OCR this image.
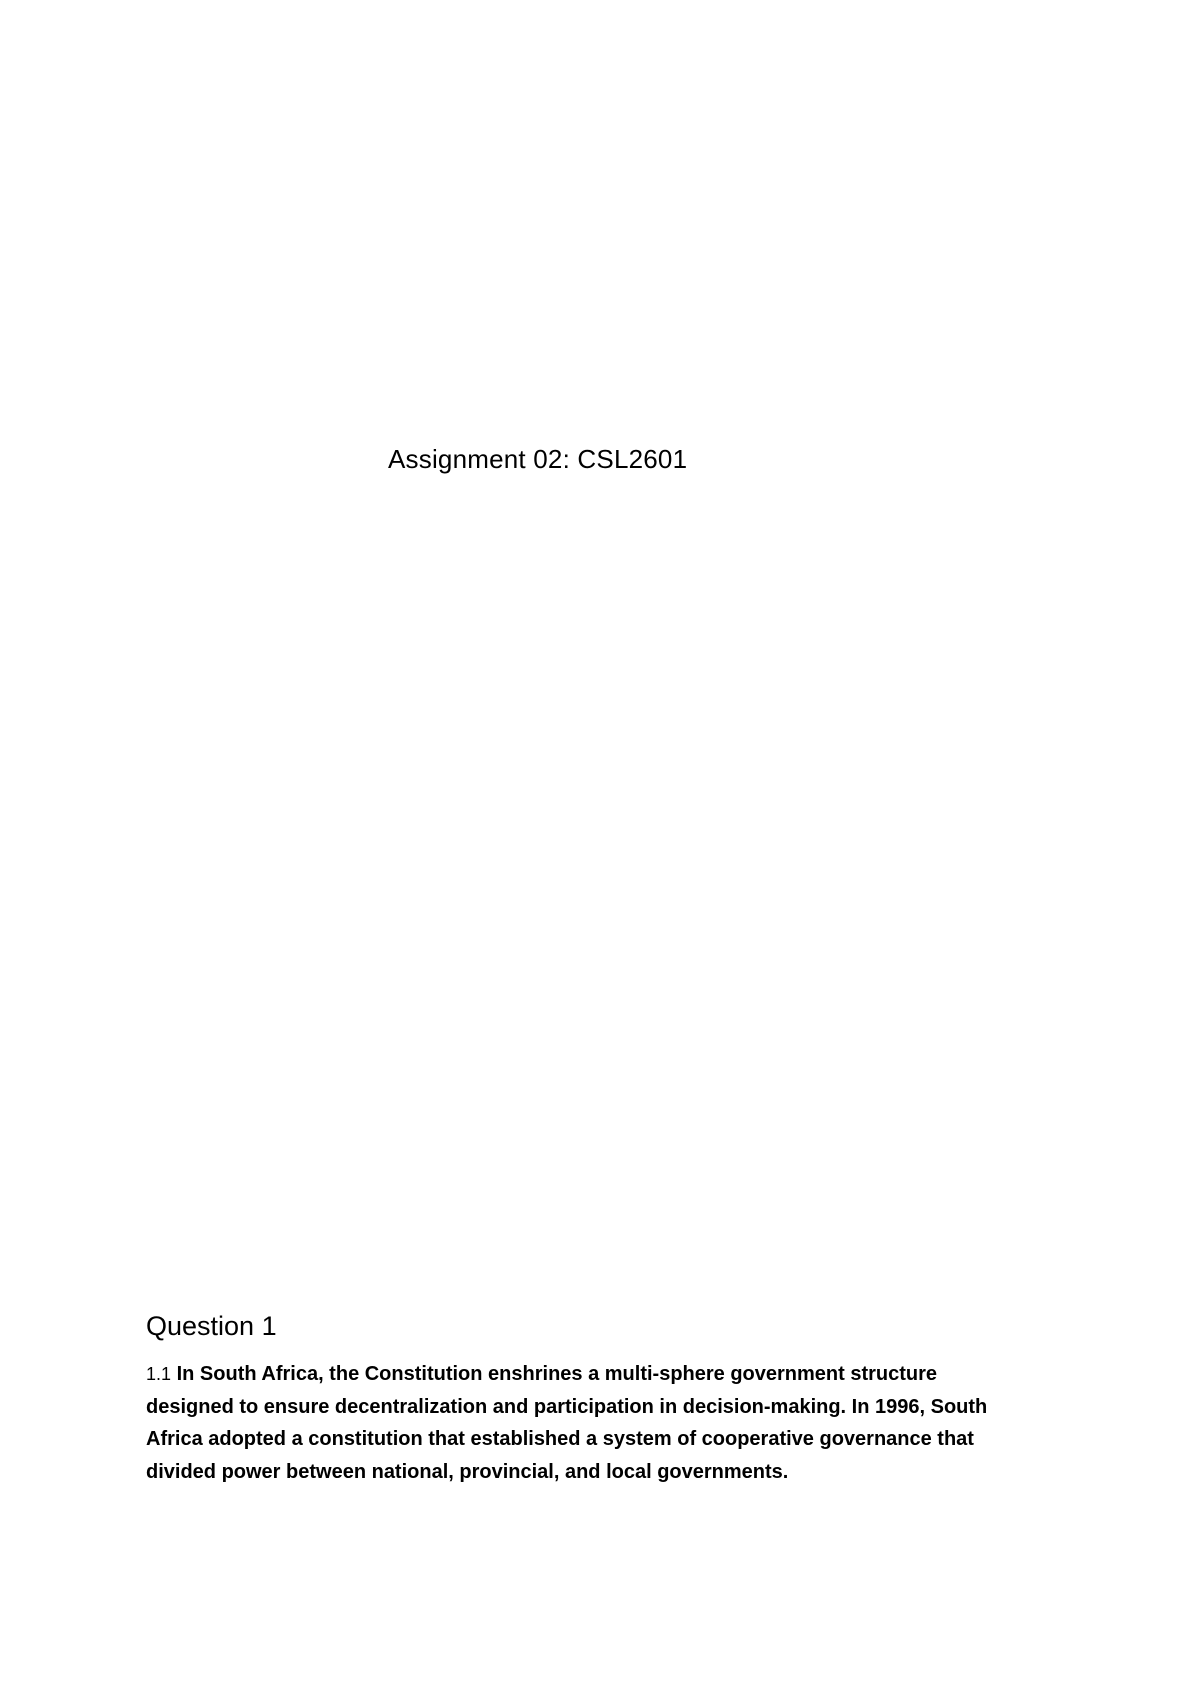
Assignment 02: CSL2601
Question 1

1.1 In South Africa, the Constitution enshrines a multi-sphere government structure designed to ensure decentralization and participation in decision-making. In 1996, South Africa adopted a constitution that established a system of cooperative governance that divided power between national, provincial, and local governments.
